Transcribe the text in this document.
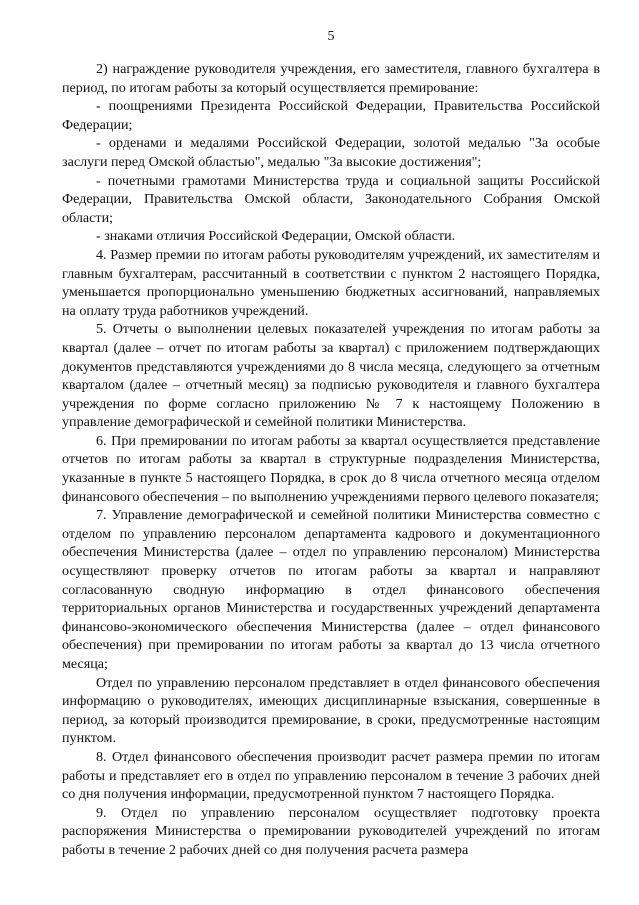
5

2) награждение руководителя учреждения, его заместителя, главного бухгалтера в период, по итогам работы за который осуществляется премирование:

- поощрениями Президента Российской Федерации, Правительства Российской Федерации;

- орденами и медалями Российской Федерации, золотой медалью "За особые заслуги перед Омской областью", медалью "За высокие достижения";

- почетными грамотами Министерства труда и социальной защиты Российской Федерации, Правительства Омской области, Законодательного Собрания Омской области;

- знаками отличия Российской Федерации, Омской области.

4. Размер премии по итогам работы руководителям учреждений, их заместителям и главным бухгалтерам, рассчитанный в соответствии с пунктом 2 настоящего Порядка, уменьшается пропорционально уменьшению бюджетных ассигнований, направляемых на оплату труда работников учреждений.

5. Отчеты о выполнении целевых показателей учреждения по итогам работы за квартал (далее – отчет по итогам работы за квартал) с приложением подтверждающих документов представляются учреждениями до 8 числа месяца, следующего за отчетным кварталом (далее – отчетный месяц) за подписью руководителя и главного бухгалтера учреждения по форме согласно приложению № 7 к настоящему Положению в управление демографической и семейной политики Министерства.

6. При премировании по итогам работы за квартал осуществляется представление отчетов по итогам работы за квартал в структурные подразделения Министерства, указанные в пункте 5 настоящего Порядка, в срок до 8 числа отчетного месяца отделом финансового обеспечения – по выполнению учреждениями первого целевого показателя;

7. Управление демографической и семейной политики Министерства совместно с отделом по управлению персоналом департамента кадрового и документационного обеспечения Министерства (далее – отдел по управлению персоналом) Министерства осуществляют проверку отчетов по итогам работы за квартал и направляют согласованную сводную информацию в отдел финансового обеспечения территориальных органов Министерства и государственных учреждений департамента финансово-экономического обеспечения Министерства (далее – отдел финансового обеспечения) при премировании по итогам работы за квартал до 13 числа отчетного месяца;

Отдел по управлению персоналом представляет в отдел финансового обеспечения информацию о руководителях, имеющих дисциплинарные взыскания, совершенные в период, за который производится премирование, в сроки, предусмотренные настоящим пунктом.

8. Отдел финансового обеспечения производит расчет размера премии по итогам работы и представляет его в отдел по управлению персоналом в течение 3 рабочих дней со дня получения информации, предусмотренной пунктом 7 настоящего Порядка.

9. Отдел по управлению персоналом осуществляет подготовку проекта распоряжения Министерства о премировании руководителей учреждений по итогам работы в течение 2 рабочих дней со дня получения расчета размера
